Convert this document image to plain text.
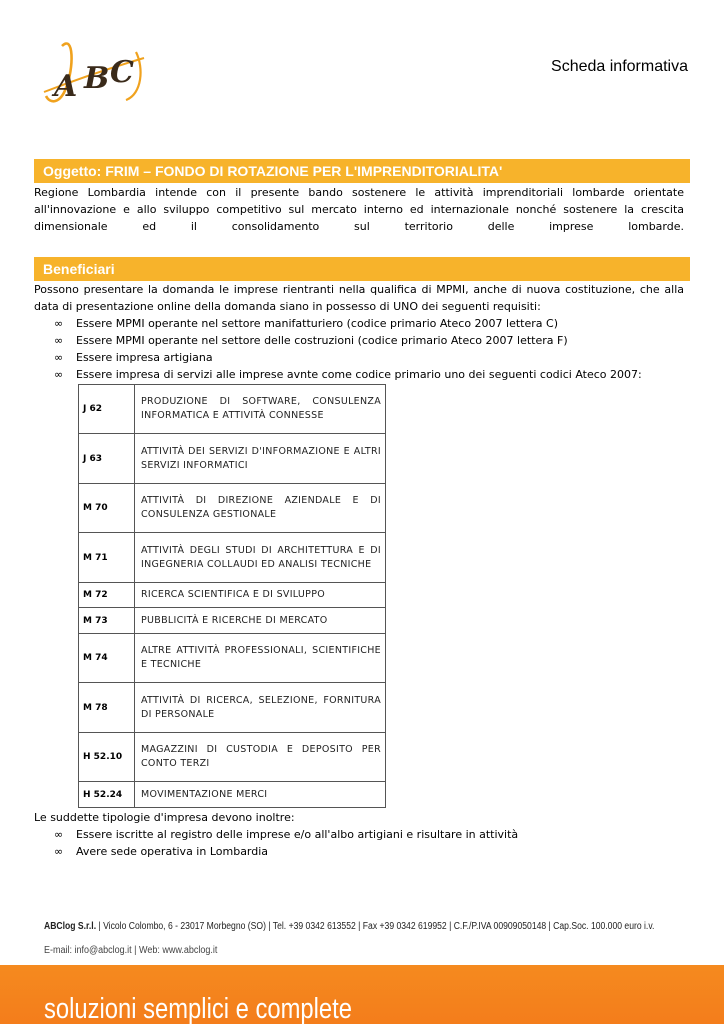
A B C	Scheda informativa
Oggetto: FRIM – FONDO DI ROTAZIONE PER L'IMPRENDITORIALITA'
Regione Lombardia intende con il presente bando sostenere le attività imprenditoriali lombarde orientate all'innovazione e allo sviluppo competitivo sul mercato interno ed internazionale nonché sostenere la crescita dimensionale ed il consolidamento sul territorio delle imprese lombarde.
Beneficiari
Possono presentare la domanda le imprese rientranti nella qualifica di MPMI, anche di nuova costituzione, che alla data di presentazione online della domanda siano in possesso di UNO dei seguenti requisiti:
∞ Essere MPMI operante nel settore manifatturiero (codice primario Ateco 2007 lettera C)
∞ Essere MPMI operante nel settore delle costruzioni (codice primario Ateco 2007 lettera F)
∞ Essere impresa artigiana
∞ Essere impresa di servizi alle imprese avnte come codice primario uno dei seguenti codici Ateco 2007:
J 62	PRODUZIONE DI SOFTWARE, CONSULENZA INFORMATICA E ATTIVITÀ CONNESSE
J 63	ATTIVITÀ DEI SERVIZI D'INFORMAZIONE E ALTRI SERVIZI INFORMATICI
M 70	ATTIVITÀ DI DIREZIONE AZIENDALE E DI CONSULENZA GESTIONALE
M 71	ATTIVITÀ DEGLI STUDI DI ARCHITETTURA E DI INGEGNERIA COLLAUDI ED ANALISI TECNICHE
M 72	RICERCA SCIENTIFICA E DI SVILUPPO
M 73	PUBBLICITÀ E RICERCHE DI MERCATO
M 74	ALTRE ATTIVITÀ PROFESSIONALI, SCIENTIFICHE E TECNICHE
M 78	ATTIVITÀ DI RICERCA, SELEZIONE, FORNITURA DI PERSONALE
H 52.10	MAGAZZINI DI CUSTODIA E DEPOSITO PER CONTO TERZI
H 52.24	MOVIMENTAZIONE MERCI
Le suddette tipologie d'impresa devono inoltre:
∞ Essere iscritte al registro delle imprese e/o all'albo artigiani e risultare in attività
∞ Avere sede operativa in Lombardia
ABClog S.r.l. | Vicolo Colombo, 6 - 23017 Morbegno (SO) | Tel. +39 0342 613552 | Fax +39 0342 619952 | C.F./P.IVA 00909050148 | Cap.Soc. 100.000 euro i.v.
E-mail: info@abclog.it | Web: www.abclog.it
soluzioni semplici e complete
